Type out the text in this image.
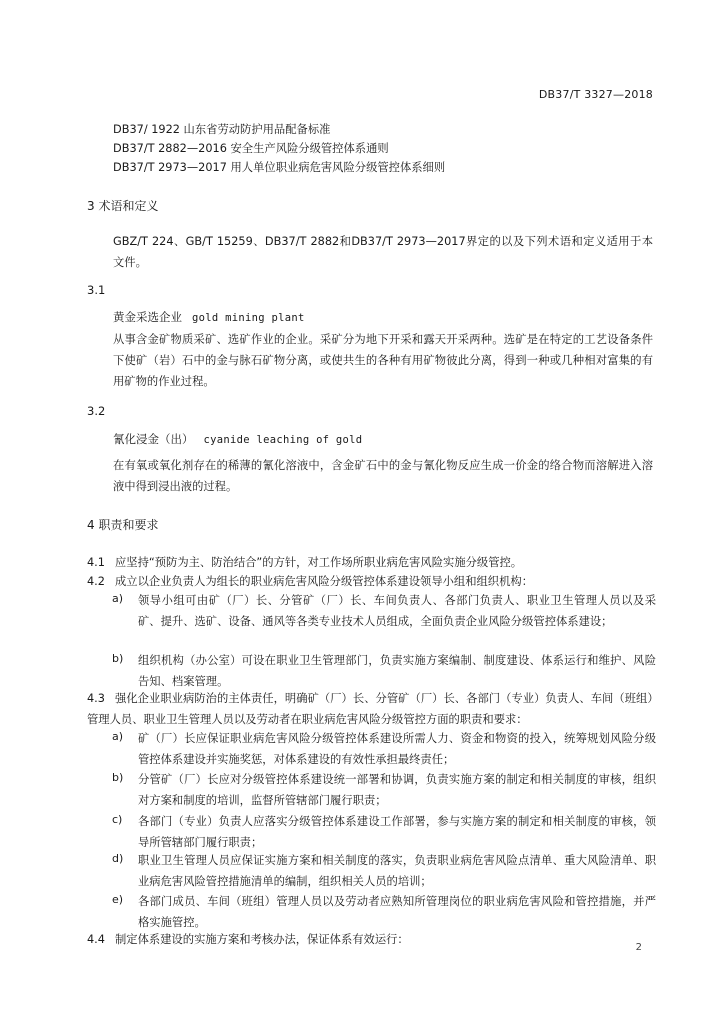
DB37/T 3327—2018
DB37/ 1922 山东省劳动防护用品配备标准
DB37/T 2882—2016 安全生产风险分级管控体系通则
DB37/T 2973—2017 用人单位职业病危害风险分级管控体系细则
3 术语和定义
GBZ/T 224、GB/T 15259、DB37/T 2882和DB37/T 2973—2017界定的以及下列术语和定义适用于本文件。
3.1
黄金采选企业 gold mining plant
从事含金矿物质采矿、选矿作业的企业。采矿分为地下开采和露天开采两种。选矿是在特定的工艺设备条件下使矿（岩）石中的金与脉石矿物分离，或使共生的各种有用矿物彼此分离，得到一种或几种相对富集的有用矿物的作业过程。
3.2
氰化浸金（出） cyanide leaching of gold
在有氧或氧化剂存在的稀薄的氰化溶液中，含金矿石中的金与氰化物反应生成一价金的络合物而溶解进入溶液中得到浸出液的过程。
4 职责和要求
4.1 应坚持“预防为主、防治结合”的方针，对工作场所职业病危害风险实施分级管控。
4.2 成立以企业负责人为组长的职业病危害风险分级管控体系建设领导小组和组织机构：
a) 领导小组可由矿（厂）长、分管矿（厂）长、车间负责人、各部门负责人、职业卫生管理人员以及采矿、提升、选矿、设备、通风等各类专业技术人员组成，全面负责企业风险分级管控体系建设；
b) 组织机构（办公室）可设在职业卫生管理部门，负责实施方案编制、制度建设、体系运行和维护、风险告知、档案管理。
4.3 强化企业职业病防治的主体责任，明确矿（厂）长、分管矿（厂）长、各部门（专业）负责人、车间（班组）管理人员、职业卫生管理人员以及劳动者在职业病危害风险分级管控方面的职责和要求：
a) 矿（厂）长应保证职业病危害风险分级管控体系建设所需人力、资金和物资的投入，统筹规划风险分级管控体系建设并实施奖惩，对体系建设的有效性承担最终责任；
b) 分管矿（厂）长应对分级管控体系建设统一部署和协调，负责实施方案的制定和相关制度的审核，组织对方案和制度的培训，监督所管辖部门履行职责；
c) 各部门（专业）负责人应落实分级管控体系建设工作部署，参与实施方案的制定和相关制度的审核，领导所管辖部门履行职责；
d) 职业卫生管理人员应保证实施方案和相关制度的落实，负责职业病危害风险点清单、重大风险清单、职业病危害风险管控措施清单的编制，组织相关人员的培训；
e) 各部门成员、车间（班组）管理人员以及劳动者应熟知所管理岗位的职业病危害风险和管控措施，并严格实施管控。
4.4 制定体系建设的实施方案和考核办法，保证体系有效运行：
2
